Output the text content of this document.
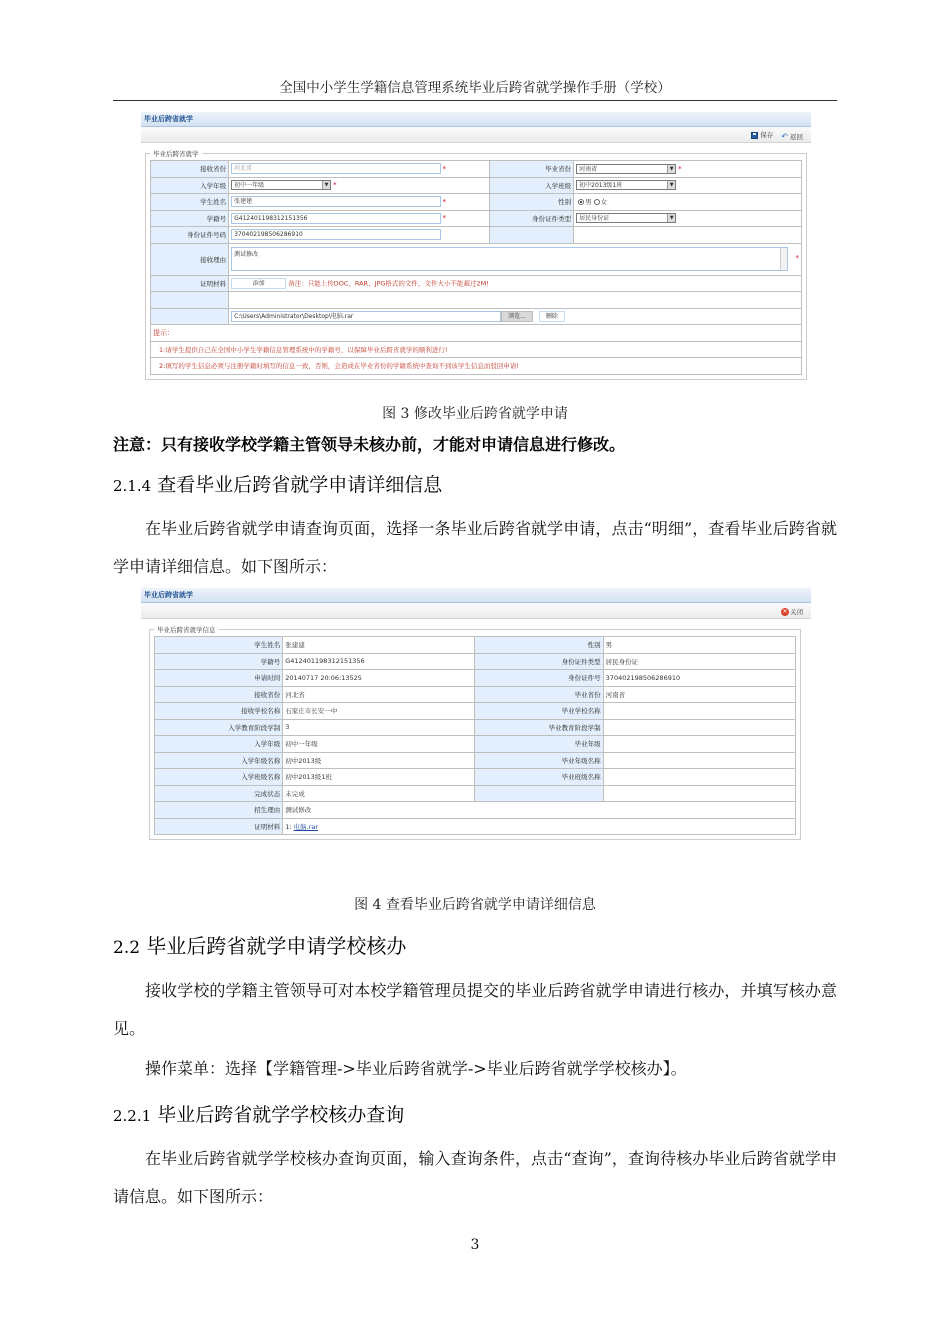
全国中小学生学籍信息管理系统毕业后跨省就学操作手册（学校）
毕业后跨省就学
保存
↶ 返回
毕业后跨省就学
接收省份	河北省 *	毕业省份	河南省 ▼ *
入学年级	初中一年级 ▼ *	入学班级	初中2013级1班 ▼

学生姓名	张建建 *	性别	男 女
学籍号	G412401198312151356 *	身份证件类型	居民身份证 ▼

身份证件号码	370402198506286910		
接收理由	测试修改 *		

证明材料	添加 备注：只能上传DOC、RAR、JPG格式的文件，文件大小不能超过2M!		

	C:\Users\Administrator\Desktop\电脑.rar 浏览... 删除		
提示：			
1:请学生提供自己在全国中小学生学籍信息管理系统中的学籍号，以保障毕业后跨省就学的顺利进行!			
2:填写的学生信息必须与注册学籍时填写的信息一致，否则，会造成在毕业省份的学籍系统中查询不到该学生信息而驳回申请!			
图 3 修改毕业后跨省就学申请
注意：只有接收学校学籍主管领导未核办前，才能对申请信息进行修改。
2.1.4 查看毕业后跨省就学申请详细信息
在毕业后跨省就学申请查询页面，选择一条毕业后跨省就学申请，点击“明细”，查看毕业后跨省就学申请详细信息。如下图所示：
毕业后跨省就学
✕ 关闭
毕业后跨省就学信息
学生姓名	张建建	性别	男
学籍号	G412401198312151356	身份证件类型	居民身份证
申请时间	20140717 20:06:13525	身份证件号	370402198506286910
接收省份	河北省	毕业省份	河南省
接收学校名称	石家庄市长安一中	毕业学校名称	
入学教育阶段学制	3	毕业教育阶段学制	
入学年级	初中一年级	毕业年级	
入学年级名称	初中2013级	毕业年级名称	
入学班级名称	初中2013级1班	毕业班级名称	
完成状态	未完成		
招生理由	测试修改		
证明材料	1: 电脑.rar		
图 4 查看毕业后跨省就学申请详细信息
2.2 毕业后跨省就学申请学校核办
接收学校的学籍主管领导可对本校学籍管理员提交的毕业后跨省就学申请进行核办，并填写核办意见。
操作菜单：选择【学籍管理->毕业后跨省就学->毕业后跨省就学学校核办】。
2.2.1 毕业后跨省就学学校核办查询
在毕业后跨省就学学校核办查询页面，输入查询条件，点击“查询”，查询待核办毕业后跨省就学申请信息。如下图所示：
3
